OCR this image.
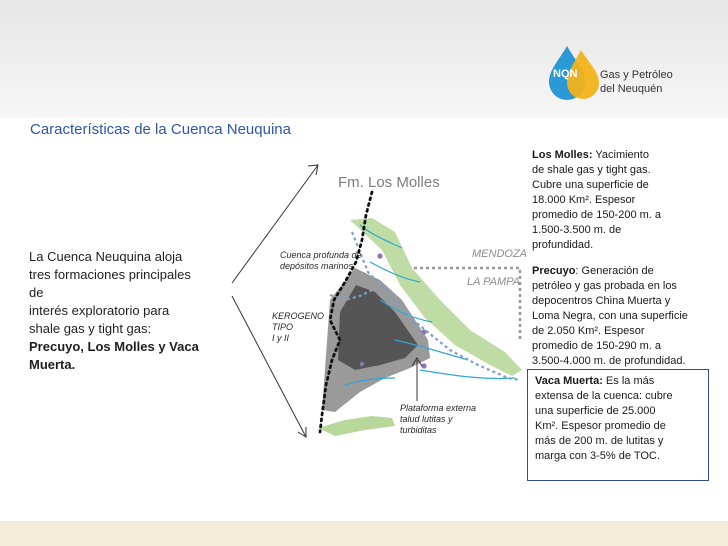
NQN Gas y Petróleo
del Neuquén
Características de la Cuenca Neuquina
La Cuenca Neuquina aloja
tres formaciones principales
de
interés exploratorio para
shale gas y tight gas:
Precuyo, Los Molles y Vaca Muerta.
Fm. Los Molles
MENDOZA
LA PAMPA
Cuenca profunda de
depósitos marinos
KEROGENO
TIPO
I y II
Plataforma externa
talud lutitas y
turbiditas
Los Molles: Yacimiento
de shale gas y tight gas.
Cubre una superficie de
18.000 Km². Espesor
promedio de 150-200 m. a
1.500-3.500 m. de
profundidad.
Precuyo: Generación de
petróleo y gas probada en los
depocentros China Muerta y
Loma Negra, con una superficie
de 2.050 Km². Espesor
promedio de 150-290 m. a
3.500-4.000 m. de profundidad.
Vaca Muerta: Es la más
extensa de la cuenca: cubre
una superficie de 25.000
Km². Espesor promedio de
más de 200 m. de lutitas y
marga con 3-5% de TOC.
